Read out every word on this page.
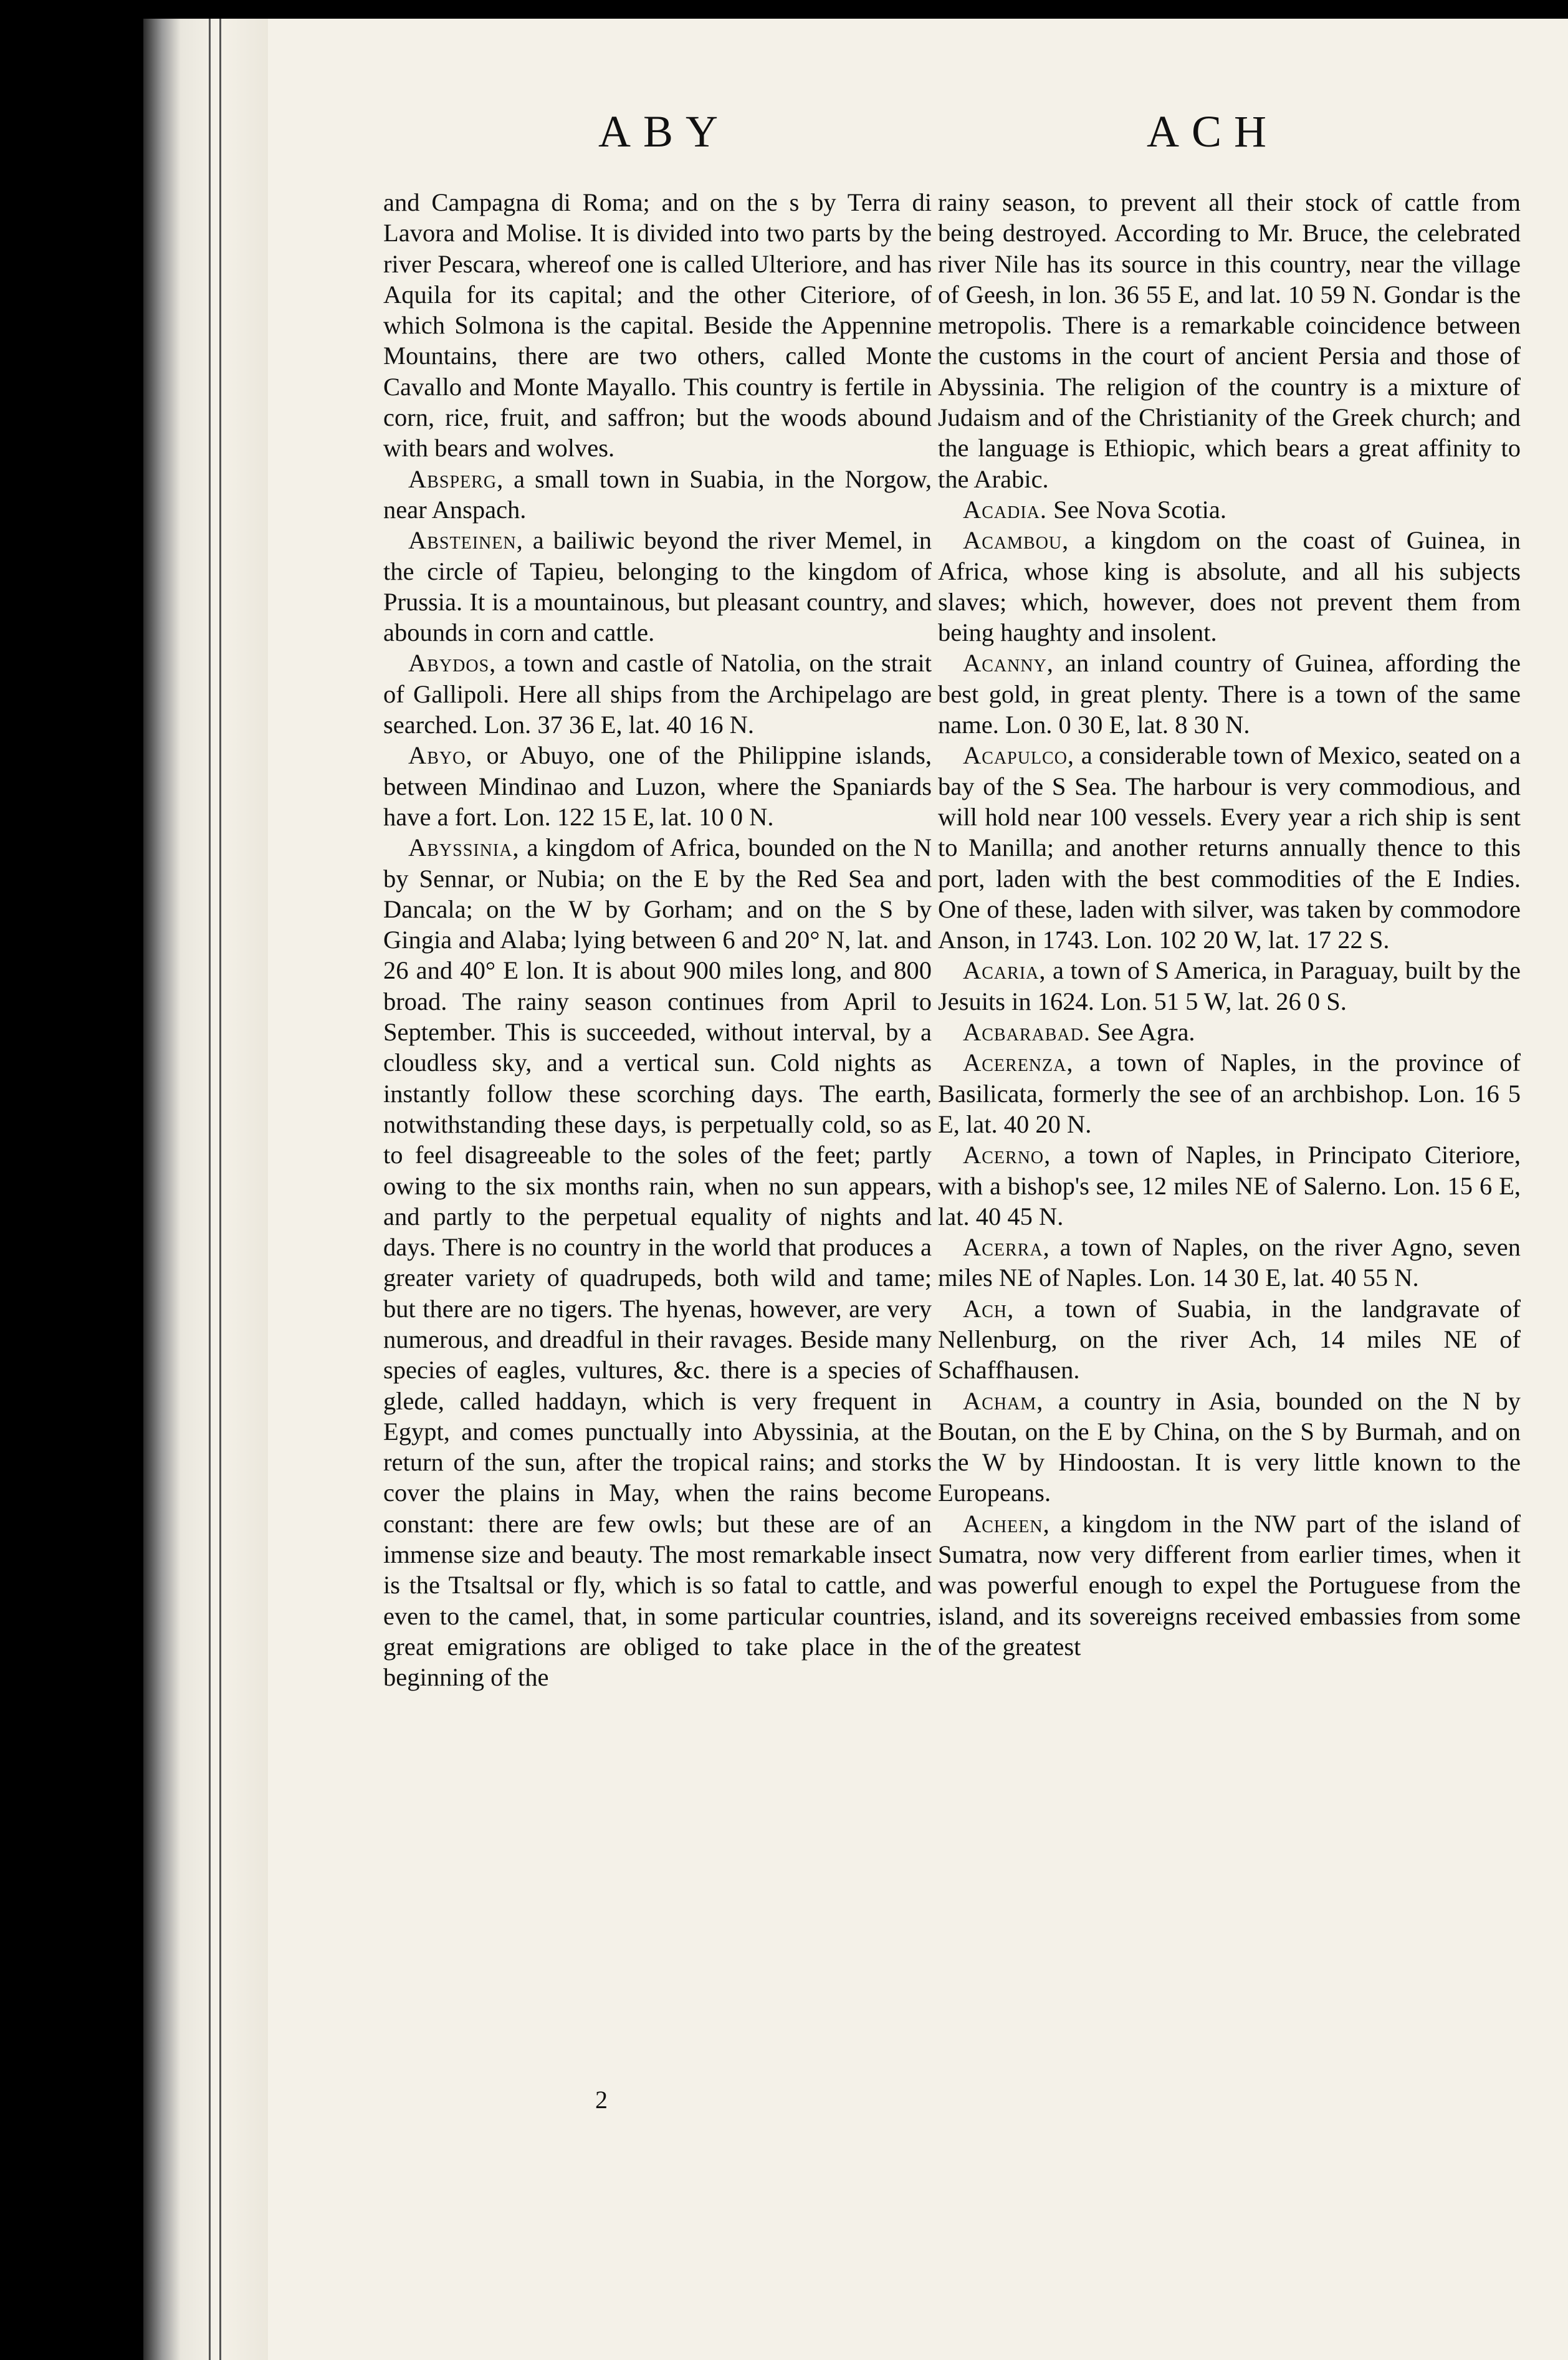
ABY	ACH

and Campagna di Roma; and on the s by Terra di Lavora and Molise. It is divided into two parts by the river Pescara, whereof one is called Ulteriore, and has Aquila for its capital; and the other Citeriore, of which Solmona is the capital. Beside the Appennine Mountains, there are two others, called Monte Cavallo and Monte Mayallo. This country is fertile in corn, rice, fruit, and saffron; but the woods abound with bears and wolves.

Absperg, a small town in Suabia, in the Norgow, near Anspach.

Absteinen, a bailiwic beyond the river Memel, in the circle of Tapieu, belonging to the kingdom of Prussia. It is a mountainous, but pleasant country, and abounds in corn and cattle.

Abydos, a town and castle of Natolia, on the strait of Gallipoli. Here all ships from the Archipelago are searched. Lon. 37 36 E, lat. 40 16 N.

Abyo, or Abuyo, one of the Philippine islands, between Mindinao and Luzon, where the Spaniards have a fort. Lon. 122 15 E, lat. 10 0 N.

Abyssinia, a kingdom of Africa, bounded on the N by Sennar, or Nubia; on the E by the Red Sea and Dancala; on the W by Gorham; and on the S by Gingia and Alaba; lying between 6 and 20° N, lat. and 26 and 40° E lon. It is about 900 miles long, and 800 broad. The rainy season continues from April to September. This is succeeded, without interval, by a cloudless sky, and a vertical sun. Cold nights as instantly follow these scorching days. The earth, notwithstanding these days, is perpetually cold, so as to feel disagreeable to the soles of the feet; partly owing to the six months rain, when no sun appears, and partly to the perpetual equality of nights and days. There is no country in the world that produces a greater variety of quadrupeds, both wild and tame; but there are no tigers. The hyenas, however, are very numerous, and dreadful in their ravages. Beside many species of eagles, vultures, &c. there is a species of glede, called haddayn, which is very frequent in Egypt, and comes punctually into Abyssinia, at the return of the sun, after the tropical rains; and storks cover the plains in May, when the rains become constant: there are few owls; but these are of an immense size and beauty. The most remarkable insect is the Ttsaltsal or fly, which is so fatal to cattle, and even to the camel, that, in some particular countries, great emigrations are obliged to take place in the beginning of the

rainy season, to prevent all their stock of cattle from being destroyed. According to Mr. Bruce, the celebrated river Nile has its source in this country, near the village of Geesh, in lon. 36 55 E, and lat. 10 59 N. Gondar is the metropolis. There is a remarkable coincidence between the customs in the court of ancient Persia and those of Abyssinia. The religion of the country is a mixture of Judaism and of the Christianity of the Greek church; and the language is Ethiopic, which bears a great affinity to the Arabic.

Acadia. See Nova Scotia.

Acambou, a kingdom on the coast of Guinea, in Africa, whose king is absolute, and all his subjects slaves; which, however, does not prevent them from being haughty and insolent.

Acanny, an inland country of Guinea, affording the best gold, in great plenty. There is a town of the same name. Lon. 0 30 E, lat. 8 30 N.

Acapulco, a considerable town of Mexico, seated on a bay of the S Sea. The harbour is very commodious, and will hold near 100 vessels. Every year a rich ship is sent to Manilla; and another returns annually thence to this port, laden with the best commodities of the E Indies. One of these, laden with silver, was taken by commodore Anson, in 1743. Lon. 102 20 W, lat. 17 22 S.

Acaria, a town of S America, in Paraguay, built by the Jesuits in 1624. Lon. 51 5 W, lat. 26 0 S.

Acbarabad. See Agra.

Acerenza, a town of Naples, in the province of Basilicata, formerly the see of an archbishop. Lon. 16 5 E, lat. 40 20 N.

Acerno, a town of Naples, in Principato Citeriore, with a bishop's see, 12 miles NE of Salerno. Lon. 15 6 E, lat. 40 45 N.

Acerra, a town of Naples, on the river Agno, seven miles NE of Naples. Lon. 14 30 E, lat. 40 55 N.

Ach, a town of Suabia, in the landgravate of Nellenburg, on the river Ach, 14 miles NE of Schaffhausen.

Acham, a country in Asia, bounded on the N by Boutan, on the E by China, on the S by Burmah, and on the W by Hindoostan. It is very little known to the Europeans.

Acheen, a kingdom in the NW part of the island of Sumatra, now very different from earlier times, when it was powerful enough to expel the Portuguese from the island, and its sovereigns received embassies from some of the greatest

2
